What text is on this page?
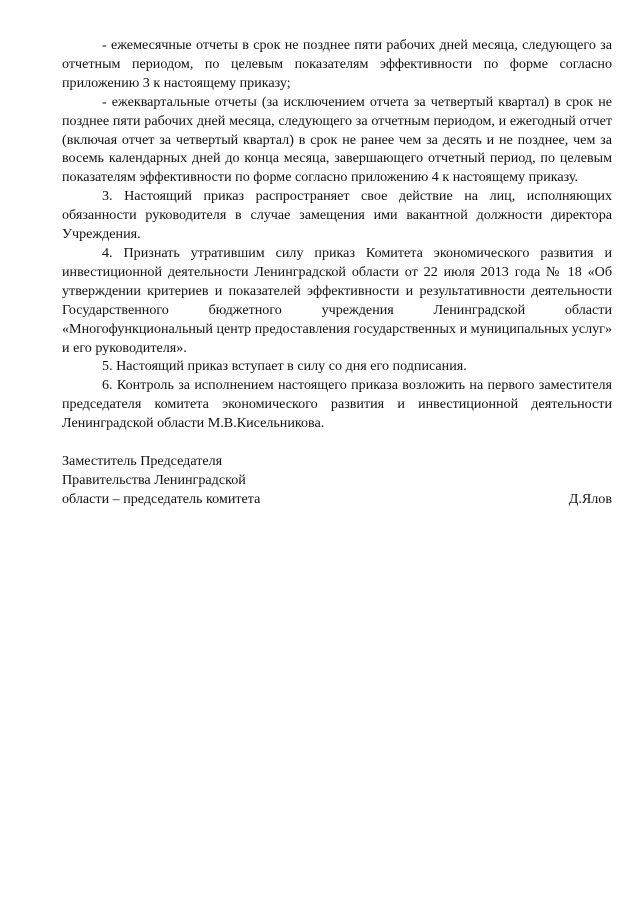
- ежемесячные отчеты в срок не позднее пяти рабочих дней месяца, следующего за отчетным периодом, по целевым показателям эффективности по форме согласно приложению 3 к настоящему приказу;

- ежеквартальные отчеты (за исключением отчета за четвертый квартал) в срок не позднее пяти рабочих дней месяца, следующего за отчетным периодом, и ежегодный отчет (включая отчет за четвертый квартал) в срок не ранее чем за десять и не позднее, чем за восемь календарных дней до конца месяца, завершающего отчетный период, по целевым показателям эффективности по форме согласно приложению 4 к настоящему приказу.

3. Настоящий приказ распространяет свое действие на лиц, исполняющих обязанности руководителя в случае замещения ими вакантной должности директора Учреждения.

4. Признать утратившим силу приказ Комитета экономического развития и инвестиционной деятельности Ленинградской области от 22 июля 2013 года № 18 «Об утверждении критериев и показателей эффективности и результативности деятельности Государственного бюджетного учреждения Ленинградской области «Многофункциональный центр предоставления государственных и муниципальных услуг» и его руководителя».

5. Настоящий приказ вступает в силу со дня его подписания.

6. Контроль за исполнением настоящего приказа возложить на первого заместителя председателя комитета экономического развития и инвестиционной деятельности Ленинградской области М.В.Кисельникова.

Заместитель Председателя
Правительства Ленинградской
области – председатель комитета	Д.Ялов
